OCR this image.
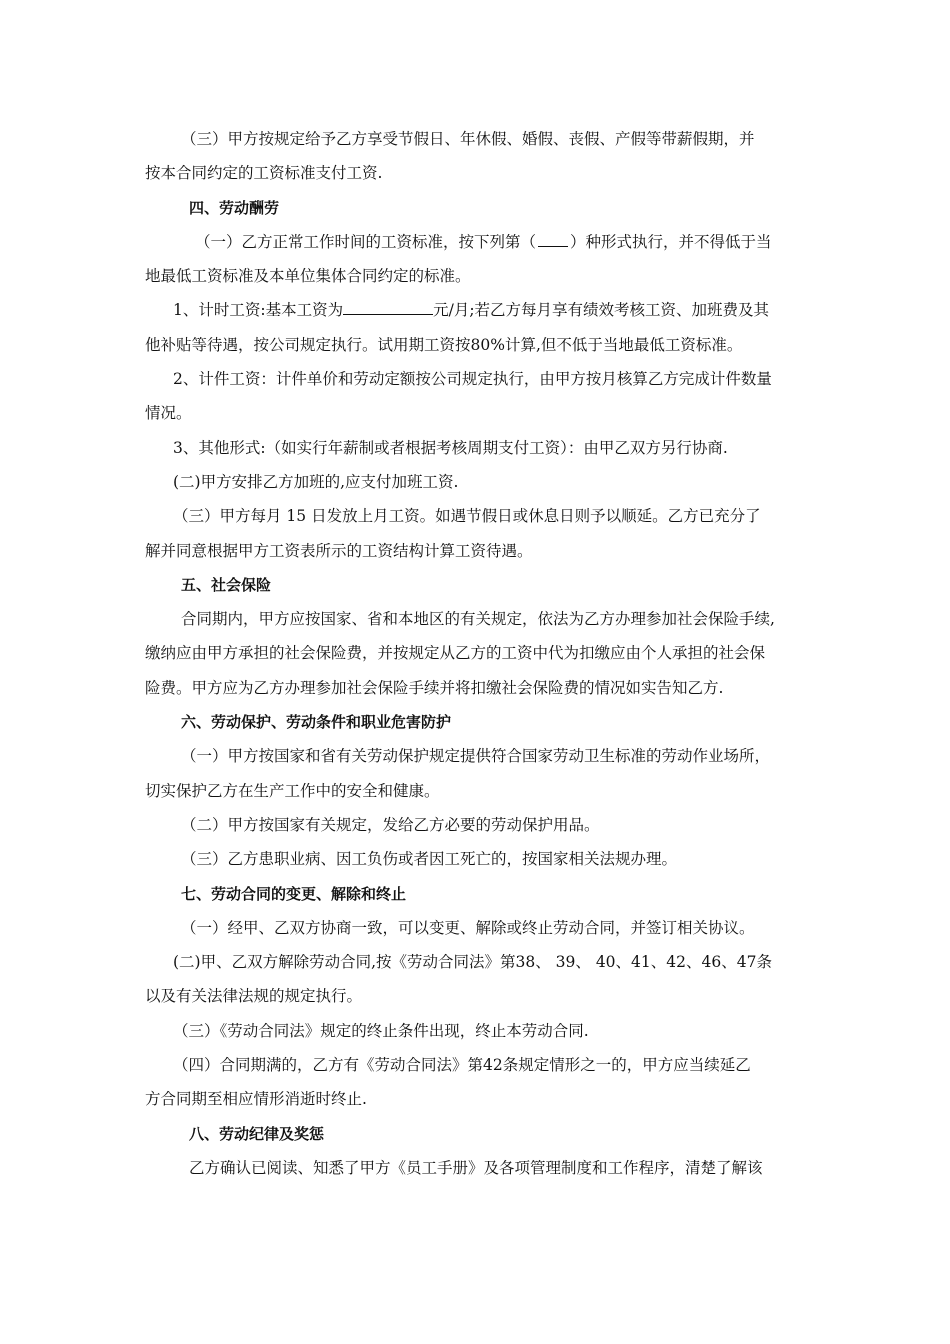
（三）甲方按规定给予乙方享受节假日、年休假、婚假、丧假、产假等带薪假期，并
按本合同约定的工资标准支付工资.
四、劳动酬劳
（一）乙方正常工作时间的工资标准，按下列第（ ）种形式执行，并不得低于当
地最低工资标准及本单位集体合同约定的标准。
1、计时工资:基本工资为	元/月;若乙方每月享有绩效考核工资、加班费及其
他补贴等待遇，按公司规定执行。试用期工资按80%计算,但不低于当地最低工资标准。
2、计件工资：计件单价和劳动定额按公司规定执行，由甲方按月核算乙方完成计件数量
情况。
3、其他形式:（如实行年薪制或者根据考核周期支付工资）：由甲乙双方另行协商.
(二)甲方安排乙方加班的,应支付加班工资.
（三）甲方每月 15 日发放上月工资。如遇节假日或休息日则予以顺延。乙方已充分了
解并同意根据甲方工资表所示的工资结构计算工资待遇。
五、社会保险
合同期内，甲方应按国家、省和本地区的有关规定，依法为乙方办理参加社会保险手续,
缴纳应由甲方承担的社会保险费，并按规定从乙方的工资中代为扣缴应由个人承担的社会保
险费。甲方应为乙方办理参加社会保险手续并将扣缴社会保险费的情况如实告知乙方.
六、劳动保护、劳动条件和职业危害防护
（一）甲方按国家和省有关劳动保护规定提供符合国家劳动卫生标准的劳动作业场所，
切实保护乙方在生产工作中的安全和健康。
（二）甲方按国家有关规定，发给乙方必要的劳动保护用品。
（三）乙方患职业病、因工负伤或者因工死亡的，按国家相关法规办理。
七、劳动合同的变更、解除和终止
（一）经甲、乙双方协商一致，可以变更、解除或终止劳动合同，并签订相关协议。
(二)甲、乙双方解除劳动合同,按《劳动合同法》第38、 39、 40、41、42、46、47条
以及有关法律法规的规定执行。
（三）《劳动合同法》规定的终止条件出现，终止本劳动合同.
（四）合同期满的，乙方有《劳动合同法》第42条规定情形之一的，甲方应当续延乙
方合同期至相应情形消逝时终止.
八、劳动纪律及奖惩
乙方确认已阅读、知悉了甲方《员工手册》及各项管理制度和工作程序，清楚了解该
